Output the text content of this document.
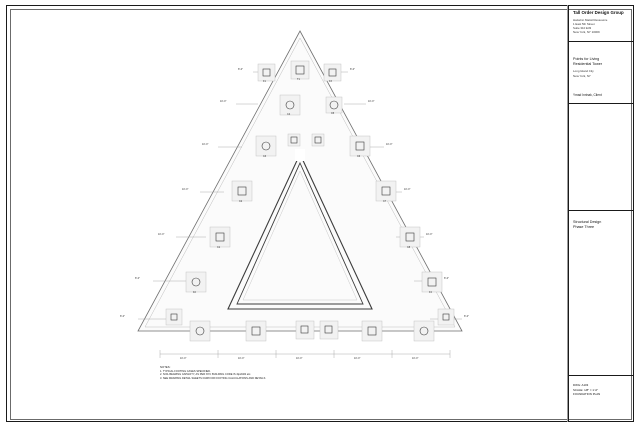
T1
F1
C4
C3
C2
C1
F2
F3
C5
C6
C7
C8
F4
8'-0"
10'-0"
10'-0"
10'-0"
10'-0"
8'-0"
8'-0"
8'-0"
10'-0"
10'-0"
10'-0"
10'-0"
8'-0"
8'-0"
10'-0"	10'-0"	10'-0"	10'-0"	10'-0"
NOTES:
1. TYPICAL FOOTING CASES SPECIFIED.
2. SOIL BEARING CAPACITY, AS PER NYC BUILDING CODE IS 4tpsf/2lb etc.
3. SEE DRAWING DETAIL SHEETS D108 FOR FOOTING CALCULATIONS AND DETAILS
Tall Order Design Group
Hariwinn Maloit Ressource
1 East 5th Street
Suite 310 E33
New York, NY 10009
Points for Living
Residential Tower
Long Island City
New York, NY
Ymad Inrinak, Client
Structural Design
Phase Three
DWG: A103
SCALE: 1/8" = 1'-0"
FOUNDATION PLAN
